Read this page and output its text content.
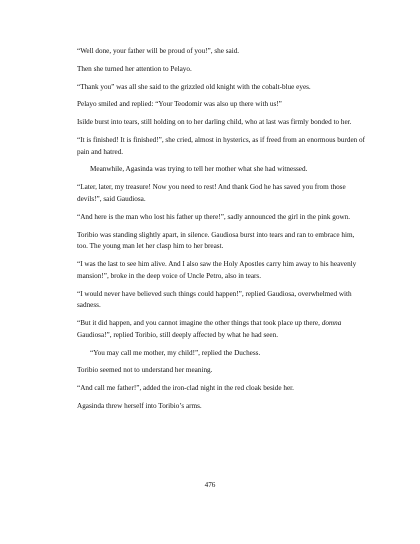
“Well done, your father will be proud of you!”, she said.

Then she turned her attention to Pelayo.

“Thank you” was all she said to the grizzled old knight with the cobalt-blue eyes.

Pelayo smiled and replied: “Your Teodomir was also up there with us!”

Isilde burst into tears, still holding on to her darling child, who at last was firmly bonded to her.

“It is finished! It is finished!”, she cried, almost in hysterics, as if freed from an enormous burden of pain and hatred.

Meanwhile, Agasinda was trying to tell her mother what she had witnessed.

“Later, later, my treasure! Now you need to rest! And thank God he has saved you from those devils!”, said Gaudiosa.

“And here is the man who lost his father up there!”, sadly announced the girl in the pink gown.

Toribio was standing slightly apart, in silence. Gaudiosa burst into tears and ran to embrace him, too. The young man let her clasp him to her breast.

“I was the last to see him alive. And I also saw the Holy Apostles carry him away to his heavenly mansion!”, broke in the deep voice of Uncle Petro, also in tears.

“I would never have believed such things could happen!”, replied Gaudiosa, overwhelmed with sadness.

“But it did happen, and you cannot imagine the other things that took place up there, domna Gaudiosa!”, replied Toribio, still deeply affected by what he had seen.

“You may call me mother, my child!”, replied the Duchess.

Toribio seemed not to understand her meaning.

“And call me father!”, added the iron-clad night in the red cloak beside her.

Agasinda threw herself into Toribio’s arms.

476
